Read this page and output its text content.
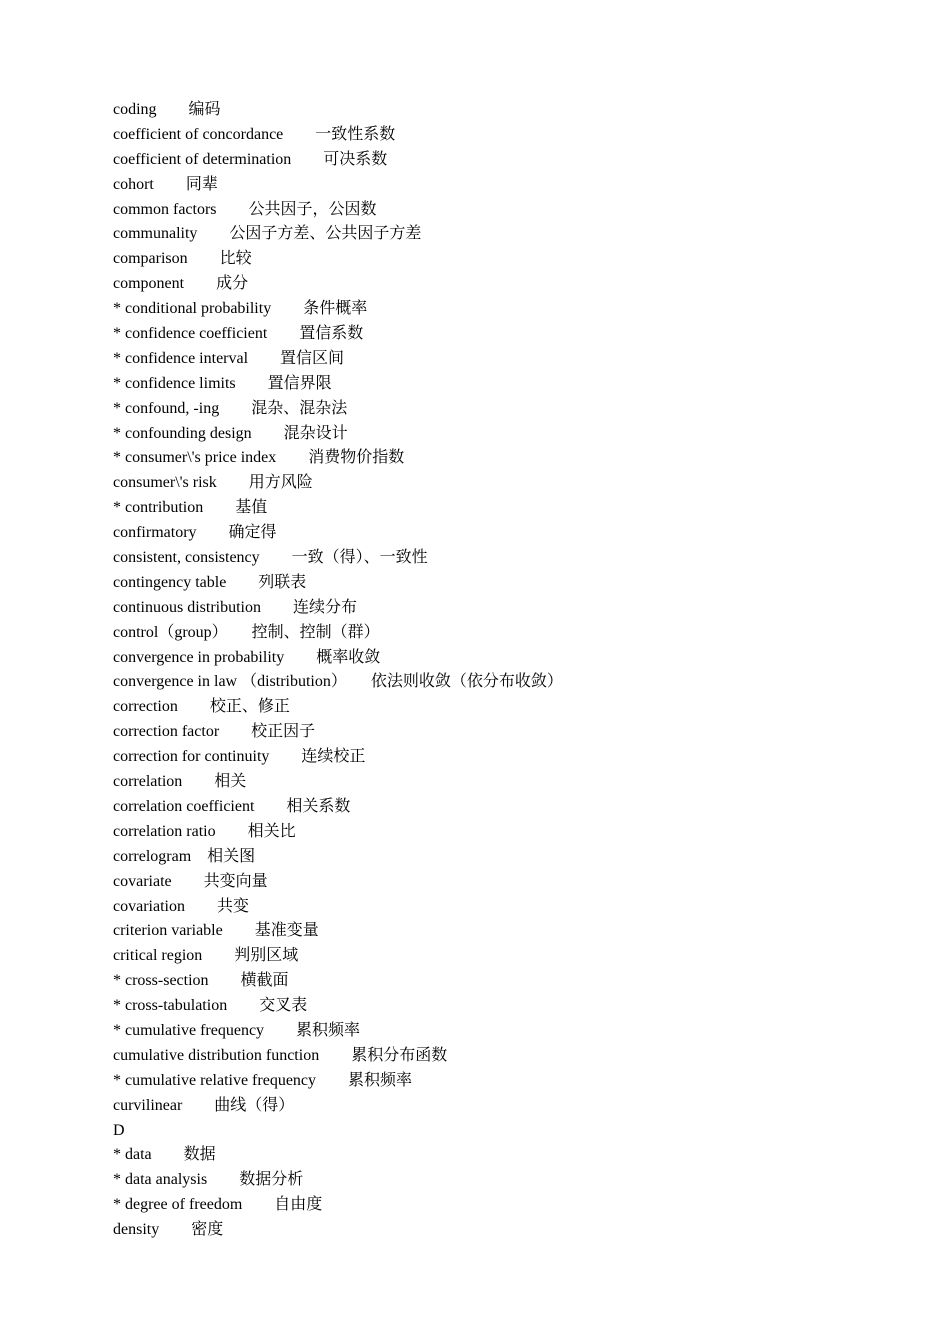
coding　　编码
coefficient of concordance　　一致性系数
coefficient of determination　　可决系数
cohort　　同辈
common factors　　公共因子，公因数
communality　　公因子方差、公共因子方差
comparison　　比较
component　　成分
* conditional probability　　条件概率
* confidence coefficient　　置信系数
* confidence interval　　置信区间
* confidence limits　　置信界限
* confound, -ing　　混杂、混杂法
* confounding design　　混杂设计
* consumer\'s price index　　消费物价指数
consumer\'s risk　　用方风险
* contribution　　基值
confirmatory　　确定得
consistent, consistency　　一致（得）、一致性
contingency table　　列联表
continuous distribution　　连续分布
control（group）　　控制、控制（群）
convergence in probability　　概率收敛
convergence in law （distribution）　　依法则收敛（依分布收敛）
correction　　校正、修正
correction factor　　校正因子
correction for continuity　　连续校正
correlation　　相关
correlation coefficient　　相关系数
correlation ratio　　相关比
correlogram　相关图
covariate　　共变向量
covariation　　共变
criterion variable　　基准变量
critical region　　判别区域
* cross-section　　横截面
* cross-tabulation　　交叉表
* cumulative frequency　　累积频率
cumulative distribution function　　累积分布函数
* cumulative relative frequency　　累积频率
curvilinear　　曲线（得）
D
* data　　数据
* data analysis　　数据分析
* degree of freedom　　自由度
density　　密度
